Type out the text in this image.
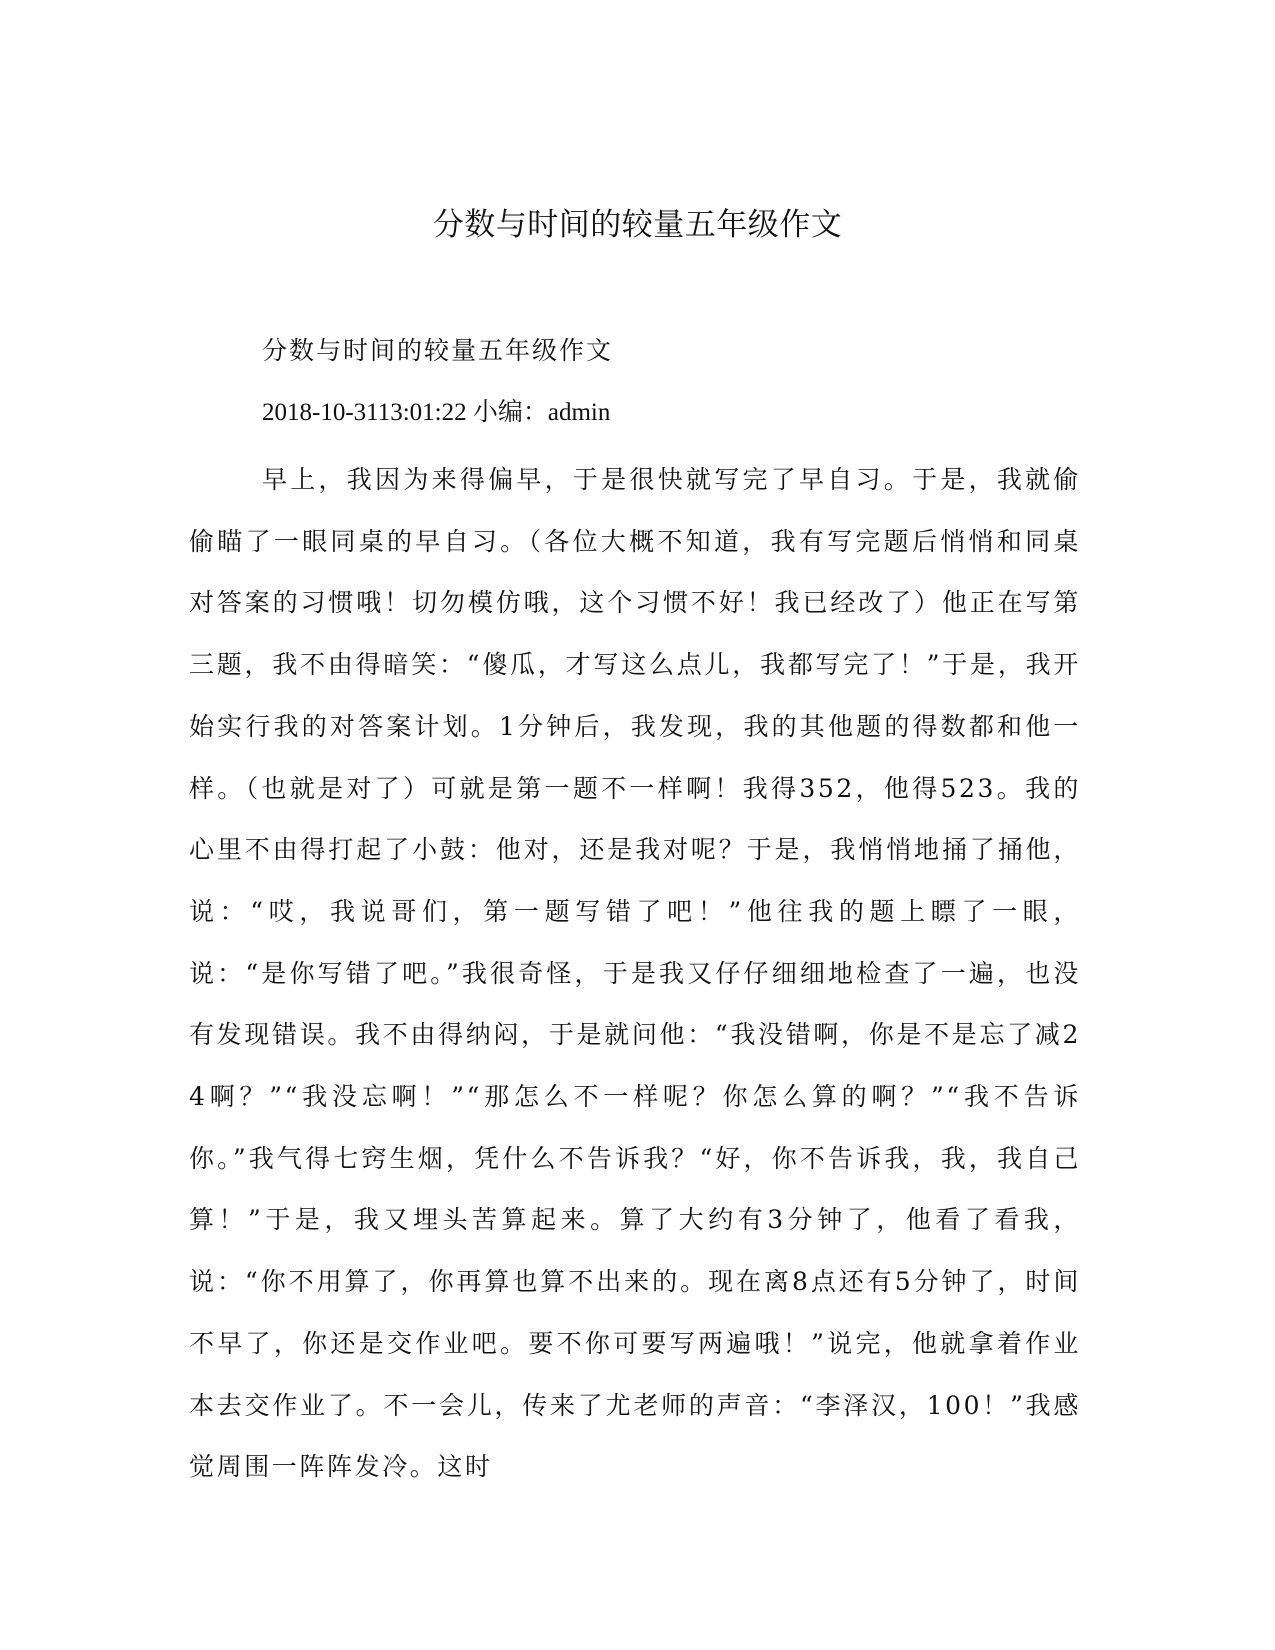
分数与时间的较量五年级作文

分数与时间的较量五年级作文

2018-10-3113:01:22 小编：admin

早上，我因为来得偏早，于是很快就写完了早自习。于是，我就偷偷瞄了一眼同桌的早自习。（各位大概不知道，我有写完题后悄悄和同桌对答案的习惯哦！切勿模仿哦，这个习惯不好！我已经改了）他正在写第三题，我不由得暗笑：“傻瓜，才写这么点儿，我都写完了！”于是，我开始实行我的对答案计划。1分钟后，我发现，我的其他题的得数都和他一样。（也就是对了）可就是第一题不一样啊！我得352，他得523。我的心里不由得打起了小鼓：他对，还是我对呢？于是，我悄悄地捅了捅他，说：“哎，我说哥们，第一题写错了吧！”他往我的题上瞟了一眼，说：“是你写错了吧。”我很奇怪，于是我又仔仔细细地检查了一遍，也没有发现错误。我不由得纳闷，于是就问他：“我没错啊，你是不是忘了减24啊？”“我没忘啊！”“那怎么不一样呢？你怎么算的啊？”“我不告诉你。”我气得七窍生烟，凭什么不告诉我？“好，你不告诉我，我，我自己算！”于是，我又埋头苦算起来。算了大约有3分钟了，他看了看我，说：“你不用算了，你再算也算不出来的。现在离8点还有5分钟了，时间不早了，你还是交作业吧。要不你可要写两遍哦！”说完，他就拿着作业本去交作业了。不一会儿，传来了尤老师的声音：“李泽汉，100！”我感觉周围一阵阵发冷。这时
